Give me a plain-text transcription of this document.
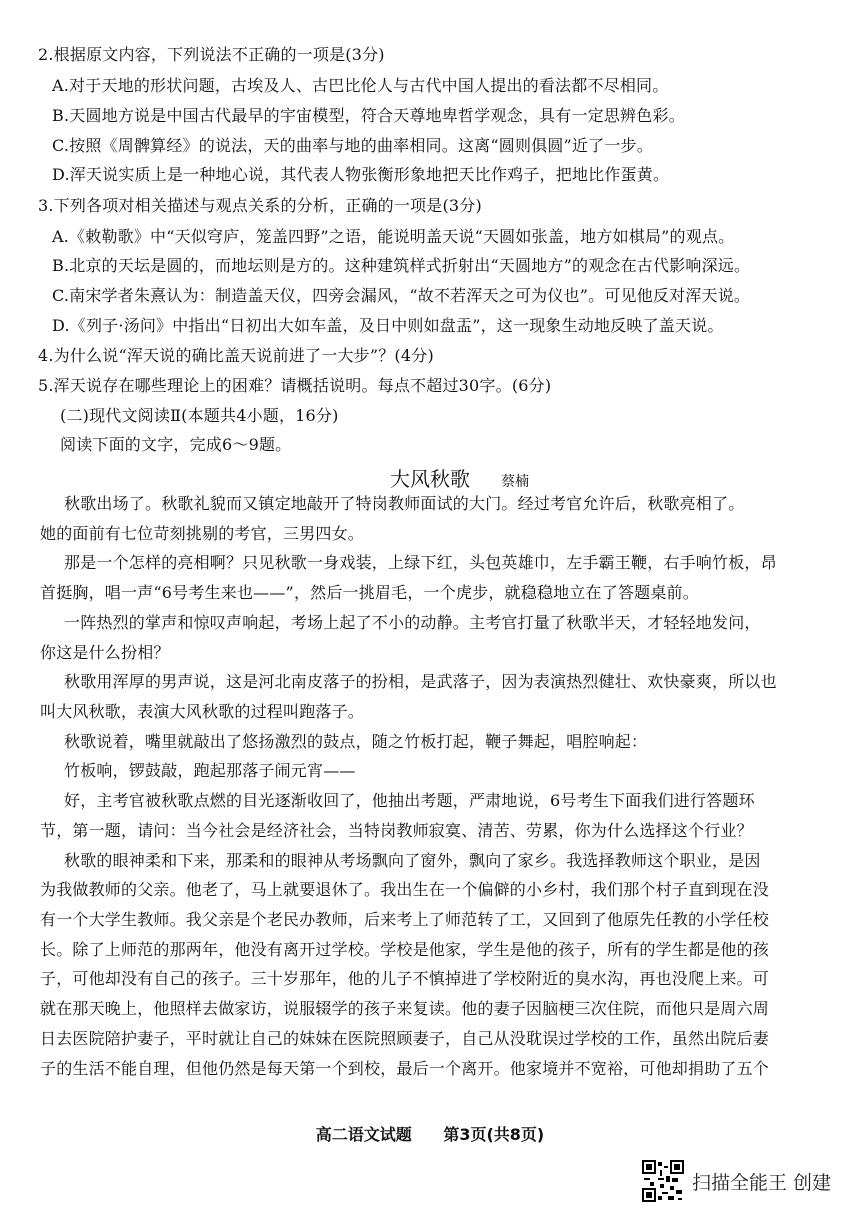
2.根据原文内容，下列说法不正确的一项是(3分)
A.对于天地的形状问题，古埃及人、古巴比伦人与古代中国人提出的看法都不尽相同。
B.天圆地方说是中国古代最早的宇宙模型，符合天尊地卑哲学观念，具有一定思辨色彩。
C.按照《周髀算经》的说法，天的曲率与地的曲率相同。这离“圆则俱圆”近了一步。
D.浑天说实质上是一种地心说，其代表人物张衡形象地把天比作鸡子，把地比作蛋黄。
3.下列各项对相关描述与观点关系的分析，正确的一项是(3分)
A.《敕勒歌》中“天似穹庐，笼盖四野”之语，能说明盖天说“天圆如张盖，地方如棋局”的观点。
B.北京的天坛是圆的，而地坛则是方的。这种建筑样式折射出“天圆地方”的观念在古代影响深远。
C.南宋学者朱熹认为：制造盖天仪，四旁会漏风，“故不若浑天之可为仪也”。可见他反对浑天说。
D.《列子·汤问》中指出“日初出大如车盖，及日中则如盘盂”，这一现象生动地反映了盖天说。
4.为什么说“浑天说的确比盖天说前进了一大步”？(4分)
5.浑天说存在哪些理论上的困难？请概括说明。每点不超过30字。(6分)
(二)现代文阅读Ⅱ(本题共4小题，16分)
阅读下面的文字，完成6～9题。
大风秋歌 蔡楠
秋歌出场了。秋歌礼貌而又镇定地敲开了特岗教师面试的大门。经过考官允许后，秋歌亮相了。
她的面前有七位苛刻挑剔的考官，三男四女。
那是一个怎样的亮相啊？只见秋歌一身戏装，上绿下红，头包英雄巾，左手霸王鞭，右手响竹板，昂
首挺胸，唱一声“6号考生来也——”，然后一挑眉毛，一个虎步，就稳稳地立在了答题桌前。
一阵热烈的掌声和惊叹声响起，考场上起了不小的动静。主考官打量了秋歌半天，才轻轻地发问，
你这是什么扮相？
秋歌用浑厚的男声说，这是河北南皮落子的扮相，是武落子，因为表演热烈健壮、欢快豪爽，所以也
叫大风秋歌，表演大风秋歌的过程叫跑落子。
秋歌说着，嘴里就敲出了悠扬激烈的鼓点，随之竹板打起，鞭子舞起，唱腔响起：
竹板响，锣鼓敲，跑起那落子闹元宵——
好，主考官被秋歌点燃的目光逐渐收回了，他抽出考题，严肃地说，6号考生下面我们进行答题环
节，第一题，请问：当今社会是经济社会，当特岗教师寂寞、清苦、劳累，你为什么选择这个行业？
秋歌的眼神柔和下来，那柔和的眼神从考场飘向了窗外，飘向了家乡。我选择教师这个职业，是因
为我做教师的父亲。他老了，马上就要退休了。我出生在一个偏僻的小乡村，我们那个村子直到现在没
有一个大学生教师。我父亲是个老民办教师，后来考上了师范转了工，又回到了他原先任教的小学任校
长。除了上师范的那两年，他没有离开过学校。学校是他家，学生是他的孩子，所有的学生都是他的孩
子，可他却没有自己的孩子。三十岁那年，他的儿子不慎掉进了学校附近的臭水沟，再也没爬上来。可
就在那天晚上，他照样去做家访，说服辍学的孩子来复读。他的妻子因脑梗三次住院，而他只是周六周
日去医院陪护妻子，平时就让自己的妹妹在医院照顾妻子，自己从没耽误过学校的工作，虽然出院后妻
子的生活不能自理，但他仍然是每天第一个到校，最后一个离开。他家境并不宽裕，可他却捐助了五个
高二语文试题 第3页(共8页)
扫描全能王 创建
